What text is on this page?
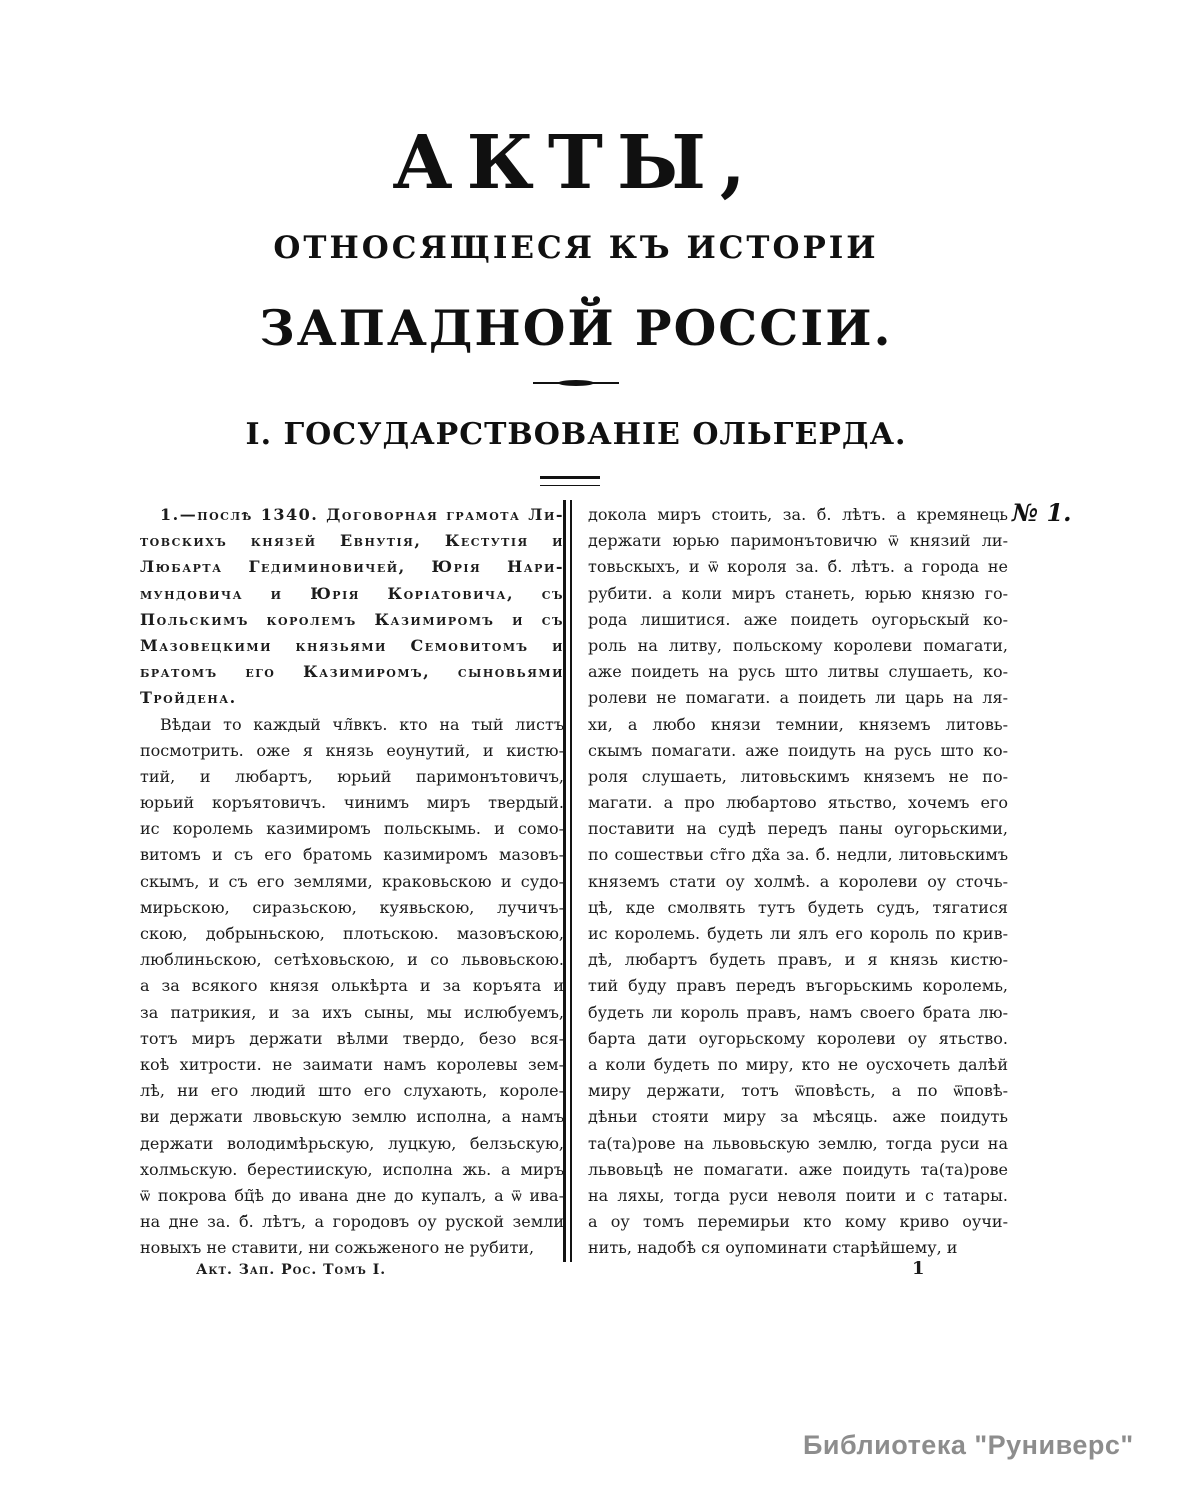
АКТЫ,
ОТНОСЯЩІЕСЯ КЪ ИСТОРІИ
ЗАПАДНОЙ РОССІИ.
I. ГОСУДАРСТВОВАНІЕ ОЛЬГЕРДА.
1.—послѣ 1340. Договорная грамота Ли-
товскихъ князей Евнутія, Кестутія и
Любарта Гедиминовичей, Юрія Нари-
мундовича и Юрія Коріатовича, съ
Польскимъ королемъ Казимиромъ и съ
Мазовецкими князьями Семовитомъ и
братомъ его Казимиромъ, сыновьями
Тройдена.
Вѣдаи то каждый чл̃вкъ. кто на тый листъ
посмотрить. оже я князь еоунутий, и кистю-
тий, и любартъ, юрьий паримонътовичъ,
юрьий коръятовичъ. чинимъ миръ твердый.
ис королемь казимиромъ польскымь. и сомо-
витомъ и съ его братомь казимиромъ мазовъ-
скымъ, и съ его землями, краковьскою и судо-
мирьскою, сиразьскою, куявьскою, лучичъ-
скою, добрыньскою, плотьскою. мазовъскою,
люблиньскою, сетѣховьскою, и со львовьскою.
а за всякого князя олькѣрта и за коръята и
за патрикия, и за ихъ сыны, мы ислюбуемъ,
тотъ миръ держати вѣлми твердо, безо вся-
коѣ хитрости. не заимати намъ королевы зем-
лѣ, ни его людий што его слухають, короле-
ви держати лвовьскую землю исполна, а намъ
держати володимѣрьскую, луцкую, белзьскую,
холмьскую. берестиискую, исполна жь. а миръ
ѿ покрова бц̃ѣ до ивана дне до купалъ, а ѿ ива-
на дне за. б̃. лѣтъ, а городовъ оу руской земли
новыхъ не ставити, ни сожьженого не рубити,
докола миръ стоить, за. б̃. лѣтъ. а кремянець
держати юрью паримонътовичю ѿ князий ли-
товьскыхъ, и ѿ короля за. б̃. лѣтъ. а города не
рубити. а коли миръ станеть, юрью князю го-
рода лишитися. аже поидеть оугорьскый ко-
роль на литву, польскому королеви помагати,
аже поидеть на русь што литвы слушаеть, ко-
ролеви не помагати. а поидеть ли царь на ля-
хи, а любо князи темнии, княземъ литовь-
скымъ помагати. аже поидуть на русь што ко-
роля слушаеть, литовьскимъ княземъ не по-
магати. а про любартово ятьство, хочемъ его
поставити на судѣ передъ паны оугорьскими,
по сошествьи ст̃го дх̃а за. б̃. недли, литовьскимъ
княземъ стати оу холмѣ. а королеви оу сточь-
цѣ, кде смолвять тутъ будеть судъ, тягатися
ис королемь. будеть ли ялъ его король по крив-
дѣ, любартъ будеть правъ, и я князь кистю-
тий буду правъ передъ въгорьскимь королемь,
будеть ли король правъ, намъ своего брата лю-
барта дати оугорьскому королеви оу ятьство.
а коли будеть по миру, кто не оусхочеть далѣй
миру держати, тотъ ѿповѣсть, а по ѿповѣ-
дѣньи стояти миру за мѣсяць. аже поидуть
та(та)рове на львовьскую землю, тогда руси на
львовьцѣ не помагати. аже поидуть та(та)рове
на ляхы, тогда руси неволя поити и с татары.
а оу томъ перемирьи кто кому криво оучи-
нить, надобѣ ся оупоминати старѣйшему, и
№ 1.
Акт. Зап. Рос. Томъ I.	1
Библиотека "Руниверс"
